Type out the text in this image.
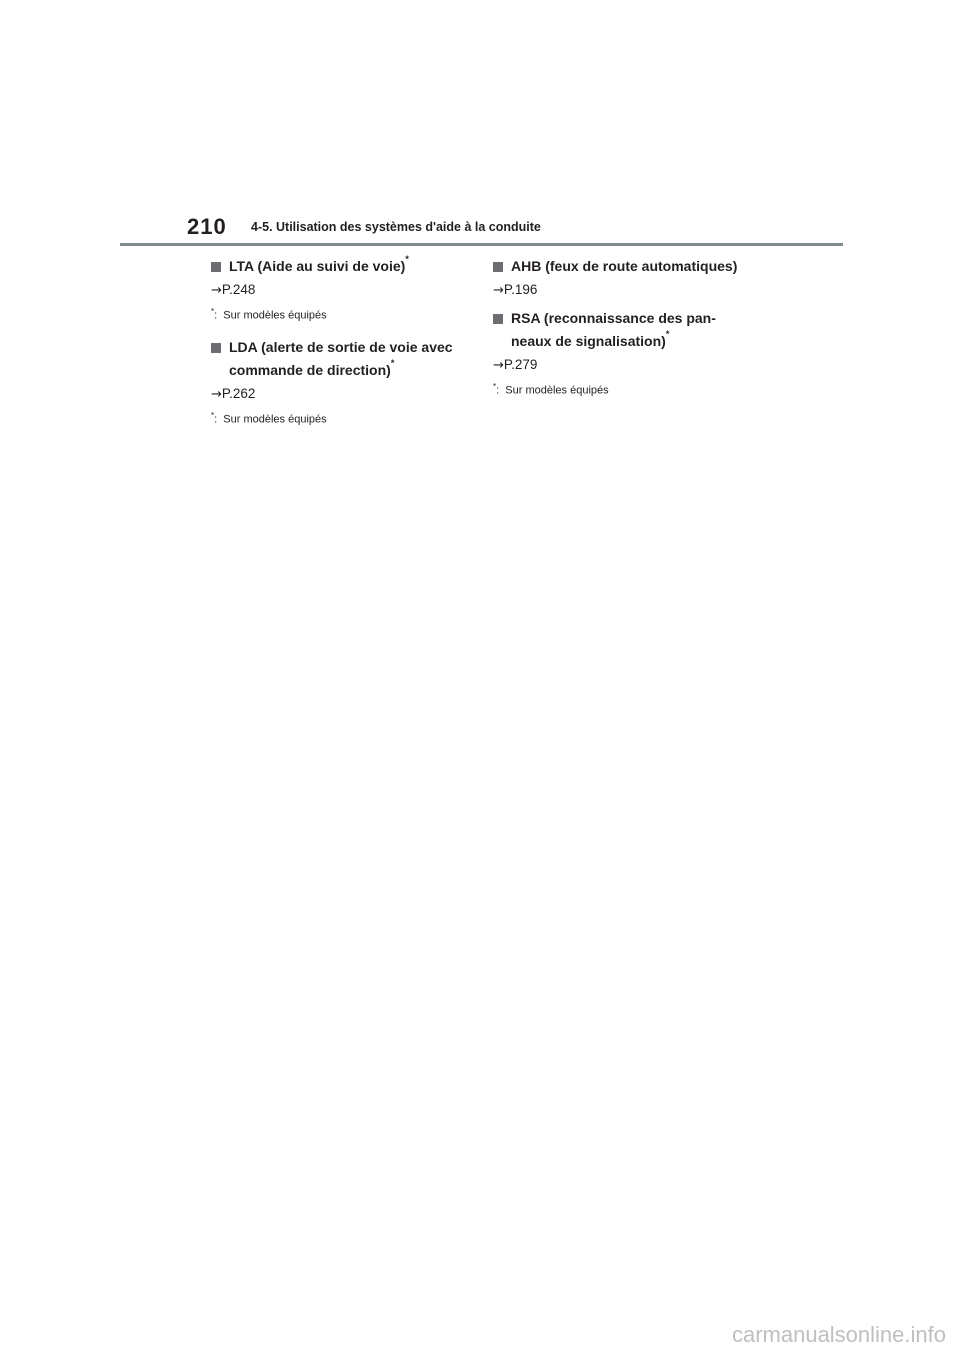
210 4-5. Utilisation des systèmes d'aide à la conduite

LTA (Aide au suivi de voie)*

→P.248

*:  Sur modèles équipés

LDA (alerte de sortie de voie avec
commande de direction)*

→P.262

*:  Sur modèles équipés

AHB (feux de route automatiques)

→P.196

RSA (reconnaissance des pan-
neaux de signalisation)*

→P.279

*:  Sur modèles équipés

carmanualsonline.info
